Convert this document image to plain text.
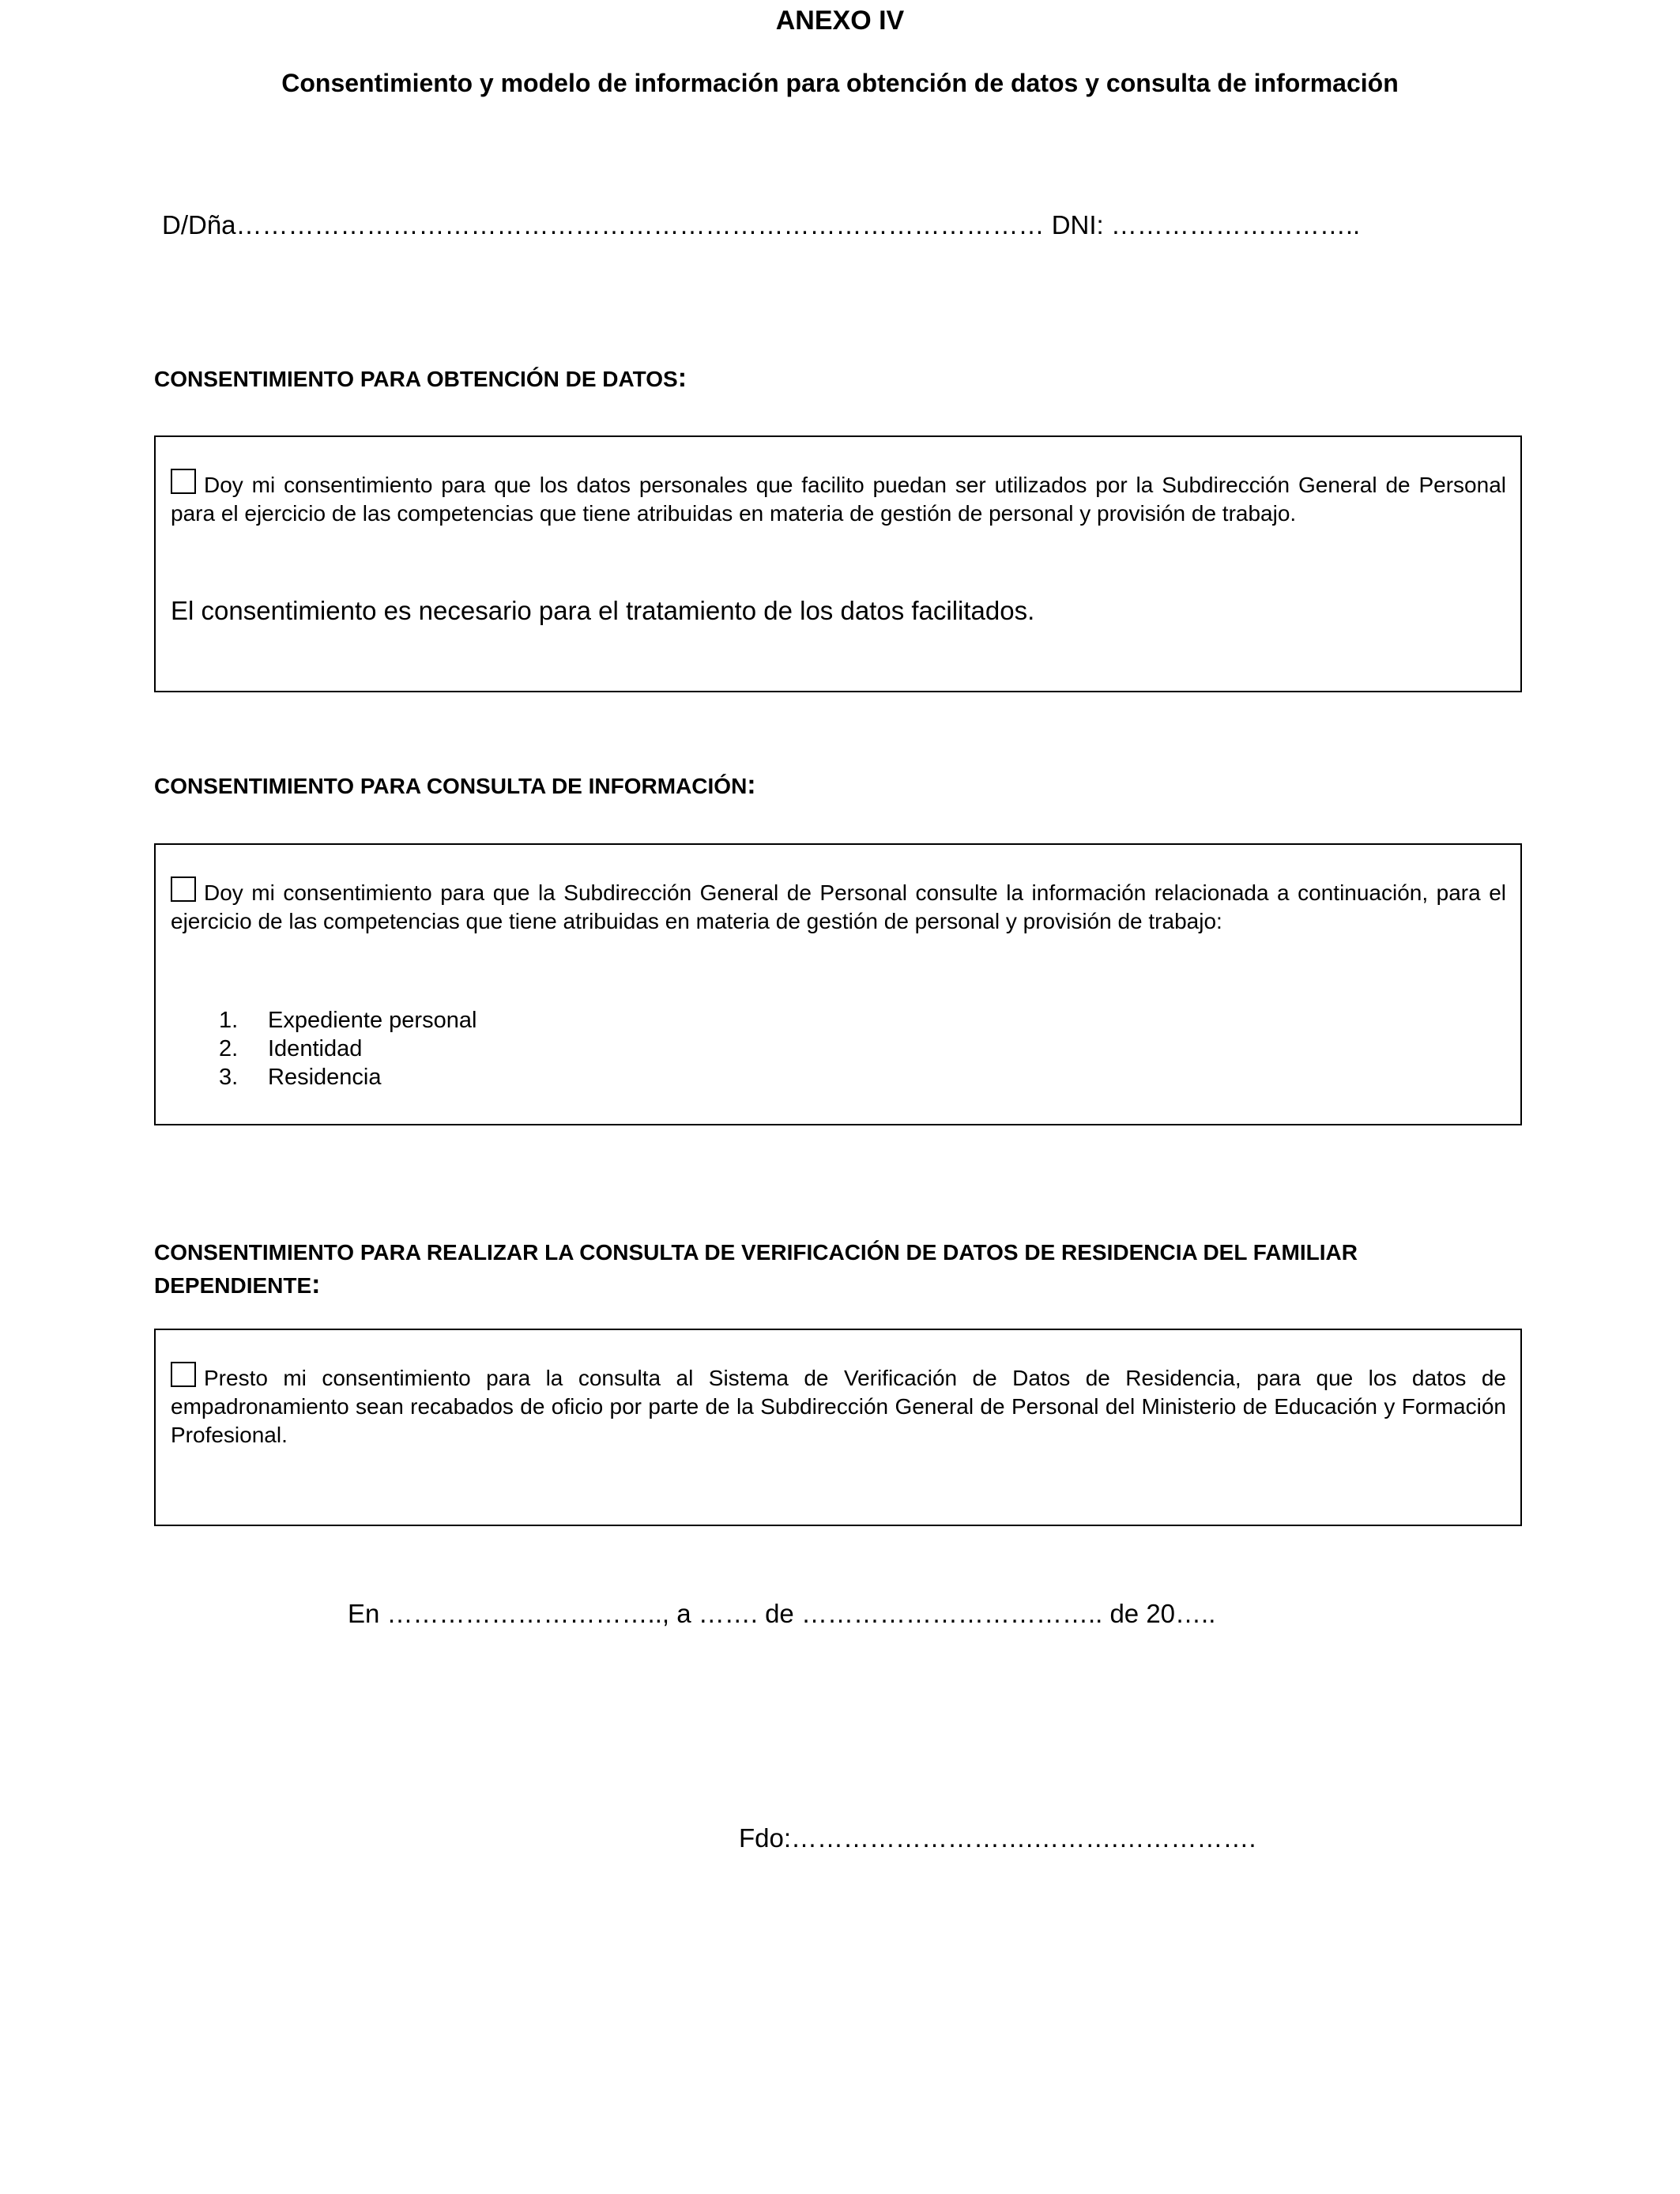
ANEXO IV
Consentimiento y modelo de información para obtención de datos y consulta de información
D/Dña………………………………………………………………………………… DNI: ………………………..
CONSENTIMIENTO PARA OBTENCIÓN DE DATOS:
Doy mi consentimiento para que los datos personales que facilito puedan ser utilizados por la Subdirección General de Personal para el ejercicio de las competencias que tiene atribuidas en materia de gestión de personal y provisión de trabajo.
El consentimiento es necesario para el tratamiento de los datos facilitados.
CONSENTIMIENTO PARA CONSULTA DE INFORMACIÓN:
Doy mi consentimiento para que la Subdirección General de Personal consulte la información relacionada a continuación, para el ejercicio de las competencias que tiene atribuidas en materia de gestión de personal y provisión de trabajo:
1.	Expediente personal
2.	Identidad
3.	Residencia
CONSENTIMIENTO PARA REALIZAR LA CONSULTA DE VERIFICACIÓN DE DATOS DE RESIDENCIA DEL FAMILIAR DEPENDIENTE:
Presto mi consentimiento para la consulta al Sistema de Verificación de Datos de Residencia, para que los datos de empadronamiento sean recabados de oficio por parte de la Subdirección General de Personal del Ministerio de Educación y Formación Profesional.
En ………………………….., a ……. de …………………………….. de 20…..
Fdo:……………………….……….…………….
